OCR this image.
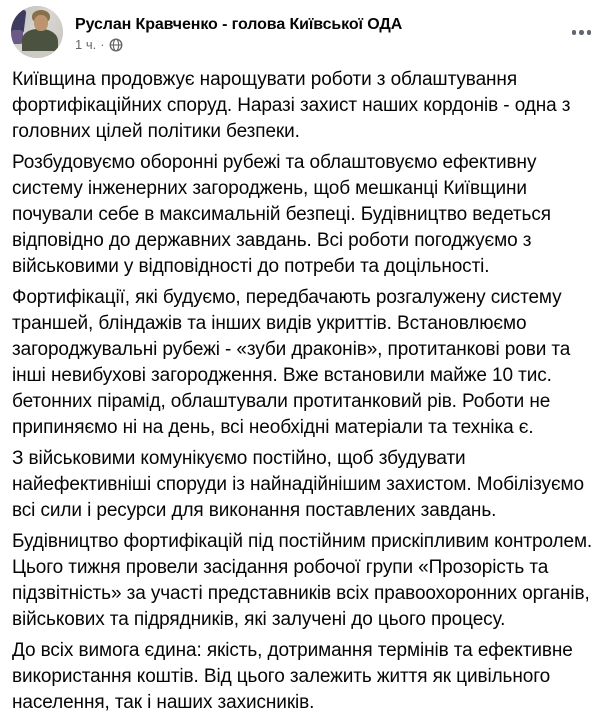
Руслан Кравченко - голова Київської ОДА
1 ч. ·

Київщина продовжує нарощувати роботи з облаштування фортифікаційних споруд. Наразі захист наших кордонів - одна з головних цілей політики безпеки.

Розбудовуємо оборонні рубежі та облаштовуємо ефективну систему інженерних загороджень, щоб мешканці Київщини почували себе в максимальній безпеці. Будівництво ведеться відповідно до державних завдань. Всі роботи погоджуємо з військовими у відповідності до потреби та доцільності.

Фортифікації, які будуємо, передбачають розгалужену систему траншей, бліндажів та інших видів укриттів. Встановлюємо загороджувальні рубежі - «зуби драконів», протитанкові рови та інші невибухові загородження. Вже встановили майже 10 тис. бетонних пірамід, облаштували протитанковий рів. Роботи не припиняємо ні на день, всі необхідні матеріали та техніка є.

З військовими комунікуємо постійно, щоб збудувати найефективніші споруди із найнадійнішим захистом. Мобілізуємо всі сили і ресурси для виконання поставлених завдань.

Будівництво фортифікацій під постійним прискіпливим контролем. Цього тижня провели засідання робочої групи «Прозорість та підзвітність» за участі представників всіх правоохоронних органів, військових та підрядників, які залучені до цього процесу.

До всіх вимога єдина: якість, дотримання термінів та ефективне використання коштів. Від цього залежить життя як цивільного населення, так і наших захисників.
